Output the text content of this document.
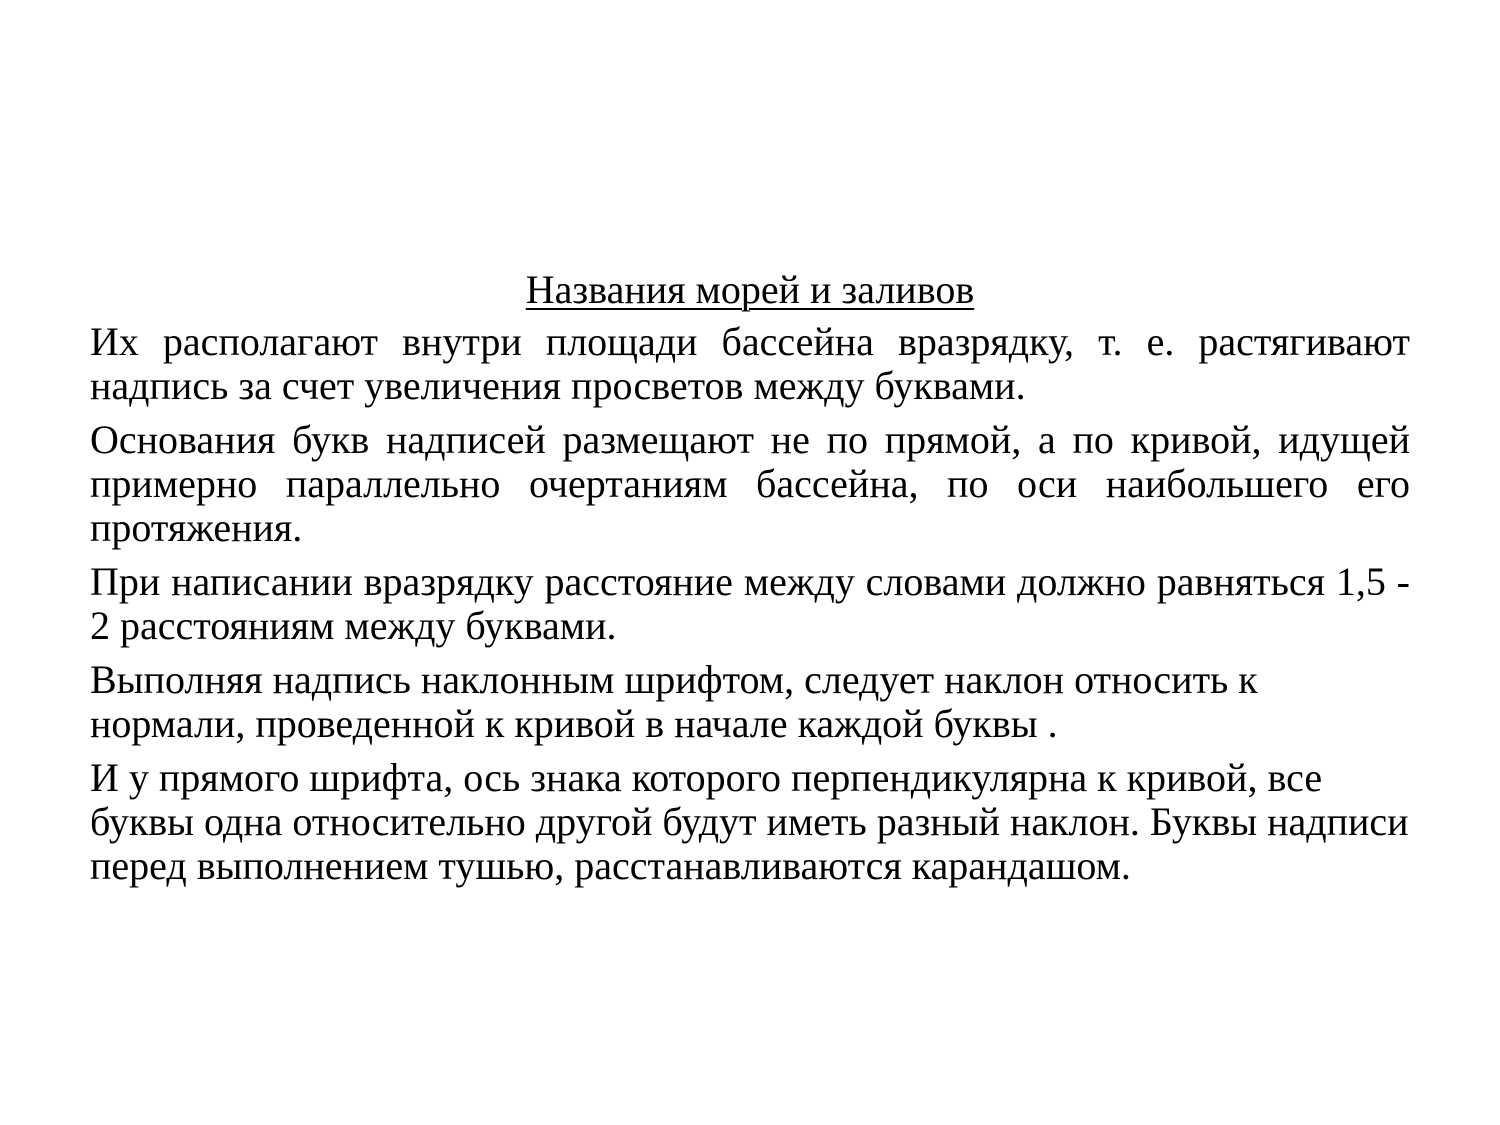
Названия морей и заливов

Их располагают внутри площади бассейна вразрядку, т. е. растягивают надпись за счет увеличения просветов между буквами.

Основания букв надписей размещают не по прямой, а по кривой, идущей примерно параллельно очертаниям бассейна, по оси наибольшего его протяжения.

При написании вразрядку расстояние между словами должно равняться 1,5 - 2 расстояниям между буквами.

Выполняя надпись наклонным шрифтом, следует наклон относить к нормали, проведенной к кривой в начале каждой буквы .

И у прямого шрифта, ось знака которого перпендикулярна к кривой, все буквы одна относительно другой будут иметь разный наклон. Буквы надписи перед выполнением тушью, расстанавливаются карандашом.
